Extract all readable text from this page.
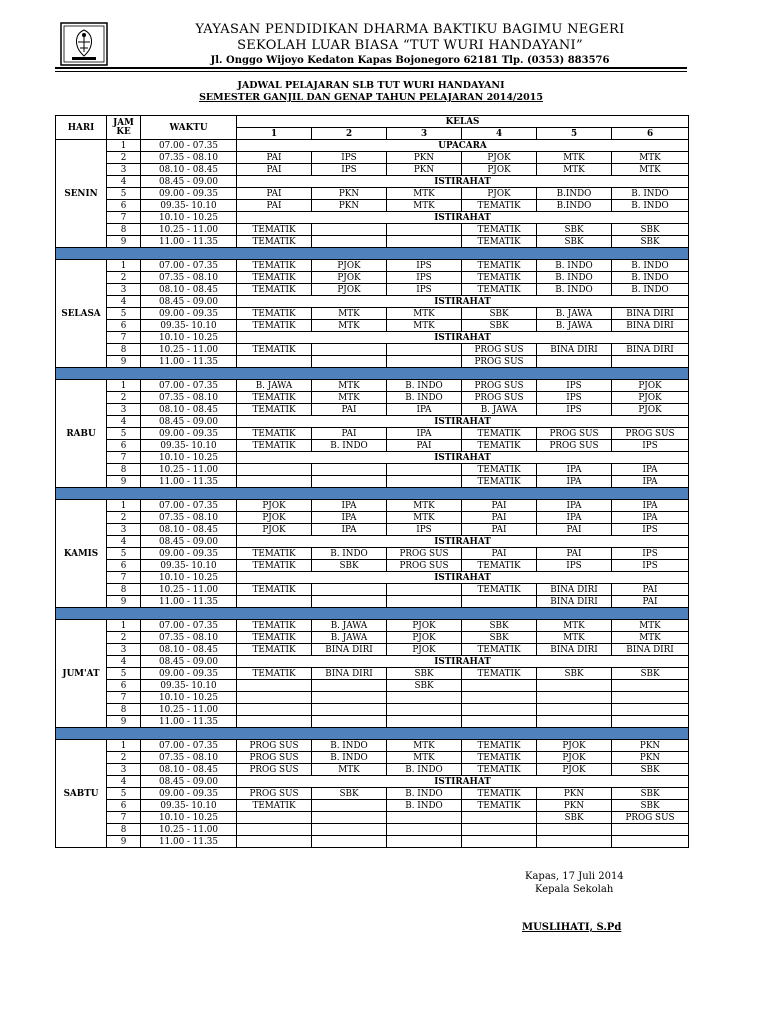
YAYASAN PENDIDIKAN DHARMA BAKTIKU BAGIMU NEGERI
SEKOLAH LUAR BIASA “TUT WURI HANDAYANI”
Jl. Onggo Wijoyo Kedaton Kapas Bojonegoro 62181 Tlp. (0353) 883576
JADWAL PELAJARAN SLB TUT WURI HANDAYANI
SEMESTER GANJIL DAN GENAP TAHUN PELAJARAN 2014/2015
HARI	JAM KE	WAKTU	KELAS					
			1	2	3	4	5	6
SENIN	1	07.00 - 07.35	UPACARA					
	2	07.35 - 08.10	PAI	IPS	PKN	PJOK	MTK	MTK
	3	08.10 - 08.45	PAI	IPS	PKN	PJOK	MTK	MTK
	4	08.45 - 09.00	ISTIRAHAT					
	5	09.00 - 09.35	PAI	PKN	MTK	PJOK	B.INDO	B. INDO
	6	09.35- 10.10	PAI	PKN	MTK	TEMATIK	B.INDO	B. INDO
	7	10.10 - 10.25	ISTIRAHAT					
	8	10.25 - 11.00	TEMATIK			TEMATIK	SBK	SBK
	9	11.00 - 11.35	TEMATIK			TEMATIK	SBK	SBK

SELASA	1	07.00 - 07.35	TEMATIK	PJOK	IPS	TEMATIK	B. INDO	B. INDO
	2	07.35 - 08.10	TEMATIK	PJOK	IPS	TEMATIK	B. INDO	B. INDO
	3	08.10 - 08.45	TEMATIK	PJOK	IPS	TEMATIK	B. INDO	B. INDO
	4	08.45 - 09.00	ISTIRAHAT					
	5	09.00 - 09.35	TEMATIK	MTK	MTK	SBK	B. JAWA	BINA DIRI
	6	09.35- 10.10	TEMATIK	MTK	MTK	SBK	B. JAWA	BINA DIRI
	7	10.10 - 10.25	ISTIRAHAT					
	8	10.25 - 11.00	TEMATIK			PROG SUS	BINA DIRI	BINA DIRI
	9	11.00 - 11.35				PROG SUS		

RABU	1	07.00 - 07.35	B. JAWA	MTK	B. INDO	PROG SUS	IPS	PJOK
	2	07.35 - 08.10	TEMATIK	MTK	B. INDO	PROG SUS	IPS	PJOK
	3	08.10 - 08.45	TEMATIK	PAI	IPA	B. JAWA	IPS	PJOK
	4	08.45 - 09.00	ISTIRAHAT					
	5	09.00 - 09.35	TEMATIK	PAI	IPA	TEMATIK	PROG SUS	PROG SUS
	6	09.35- 10.10	TEMATIK	B. INDO	PAI	TEMATIK	PROG SUS	IPS
	7	10.10 - 10.25	ISTIRAHAT					
	8	10.25 - 11.00				TEMATIK	IPA	IPA
	9	11.00 - 11.35				TEMATIK	IPA	IPA

KAMIS	1	07.00 - 07.35	PJOK	IPA	MTK	PAI	IPA	IPA
	2	07.35 - 08.10	PJOK	IPA	MTK	PAI	IPA	IPA
	3	08.10 - 08.45	PJOK	IPA	IPS	PAI	PAI	IPS
	4	08.45 - 09.00	ISTIRAHAT					
	5	09.00 - 09.35	TEMATIK	B. INDO	PROG SUS	PAI	PAI	IPS
	6	09.35- 10.10	TEMATIK	SBK	PROG SUS	TEMATIK	IPS	IPS
	7	10.10 - 10.25	ISTIRAHAT					
	8	10.25 - 11.00	TEMATIK			TEMATIK	BINA DIRI	PAI
	9	11.00 - 11.35					BINA DIRI	PAI

JUM'AT	1	07.00 - 07.35	TEMATIK	B. JAWA	PJOK	SBK	MTK	MTK
	2	07.35 - 08.10	TEMATIK	B. JAWA	PJOK	SBK	MTK	MTK
	3	08.10 - 08.45	TEMATIK	BINA DIRI	PJOK	TEMATIK	BINA DIRI	BINA DIRI
	4	08.45 - 09.00	ISTIRAHAT					
	5	09.00 - 09.35	TEMATIK	BINA DIRI	SBK	TEMATIK	SBK	SBK
	6	09.35- 10.10			SBK			
	7	10.10 - 10.25						
	8	10.25 - 11.00						
	9	11.00 - 11.35						

SABTU	1	07.00 - 07.35	PROG SUS	B. INDO	MTK	TEMATIK	PJOK	PKN
	2	07.35 - 08.10	PROG SUS	B. INDO	MTK	TEMATIK	PJOK	PKN
	3	08.10 - 08.45	PROG SUS	MTK	B. INDO	TEMATIK	PJOK	SBK
	4	08.45 - 09.00	ISTIRAHAT					
	5	09.00 - 09.35	PROG SUS	SBK	B. INDO	TEMATIK	PKN	SBK
	6	09.35- 10.10	TEMATIK		B. INDO	TEMATIK	PKN	SBK
	7	10.10 - 10.25					SBK	PROG SUS
	8	10.25 - 11.00						
	9	11.00 - 11.35						
Kapas, 17 Juli 2014
Kepala Sekolah
MUSLIHATI, S.Pd
